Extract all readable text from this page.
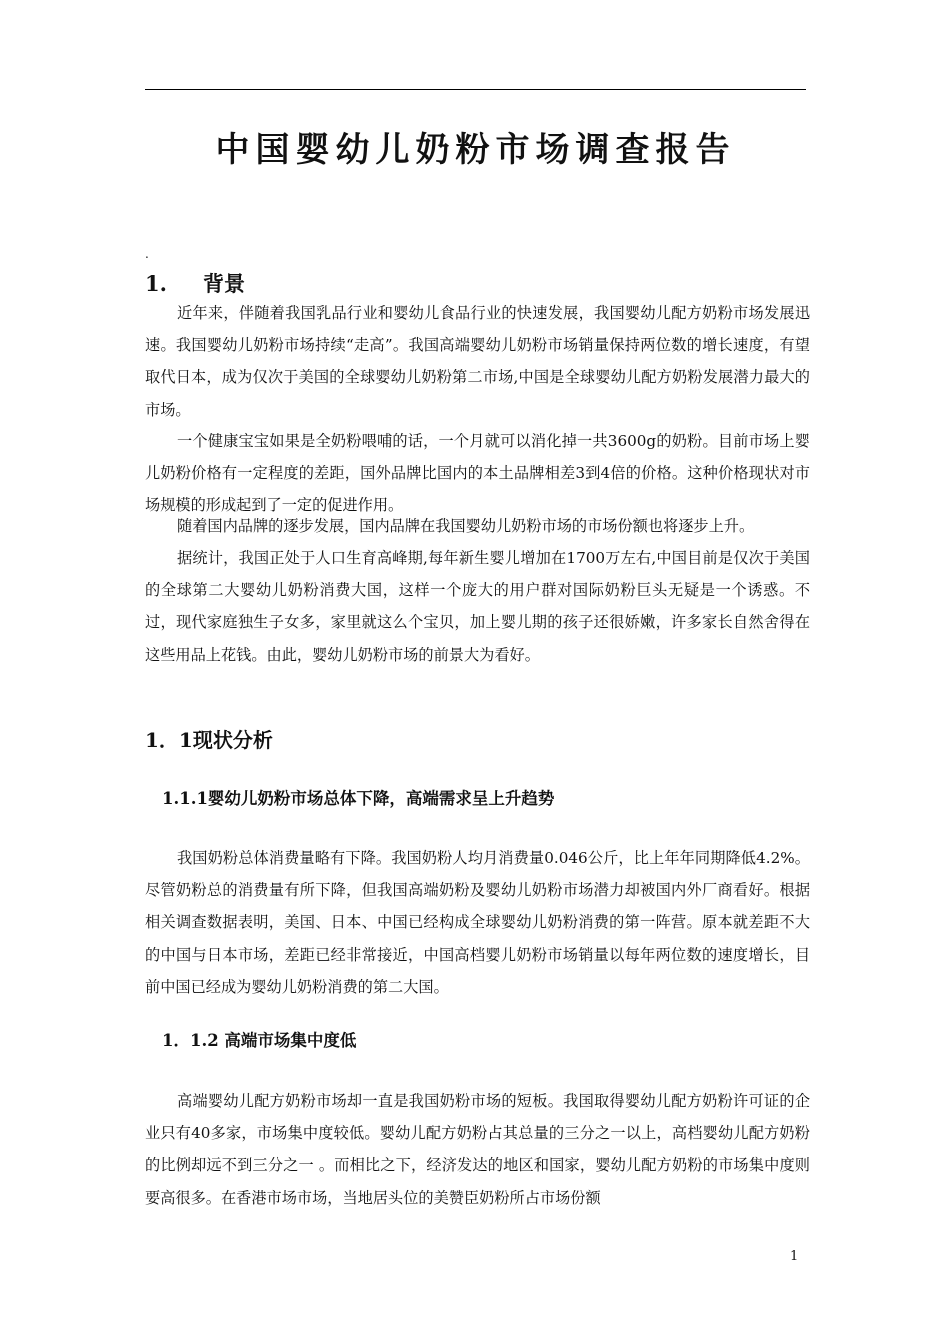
中国婴幼儿奶粉市场调查报告
.
1. 背景

近年来，伴随着我国乳品行业和婴幼儿食品行业的快速发展，我国婴幼儿配方奶粉市场发展迅速。我国婴幼儿奶粉市场持续“走高”。我国高端婴幼儿奶粉市场销量保持两位数的增长速度，有望取代日本，成为仅次于美国的全球婴幼儿奶粉第二市场,中国是全球婴幼儿配方奶粉发展潜力最大的市场。

一个健康宝宝如果是全奶粉喂哺的话，一个月就可以消化掉一共3600g的奶粉。目前市场上婴儿奶粉价格有一定程度的差距，国外品牌比国内的本土品牌相差3到4倍的价格。这种价格现状对市场规模的形成起到了一定的促进作用。

随着国内品牌的逐步发展，国内品牌在我国婴幼儿奶粉市场的市场份额也将逐步上升。

据统计，我国正处于人口生育高峰期,每年新生婴儿增加在1700万左右,中国目前是仅次于美国的全球第二大婴幼儿奶粉消费大国，这样一个庞大的用户群对国际奶粉巨头无疑是一个诱惑。不过，现代家庭独生子女多，家里就这么个宝贝，加上婴儿期的孩子还很娇嫩，许多家长自然舍得在这些用品上花钱。由此，婴幼儿奶粉市场的前景大为看好。

1．1现状分析
1.1.1婴幼儿奶粉市场总体下降，高端需求呈上升趋势

我国奶粉总体消费量略有下降。我国奶粉人均月消费量0.046公斤，比上年年同期降低4.2%。尽管奶粉总的消费量有所下降，但我国高端奶粉及婴幼儿奶粉市场潜力却被国内外厂商看好。根据相关调查数据表明，美国、日本、中国已经构成全球婴幼儿奶粉消费的第一阵营。原本就差距不大的中国与日本市场，差距已经非常接近，中国高档婴儿奶粉市场销量以每年两位数的速度增长，目前中国已经成为婴幼儿奶粉消费的第二大国。

1．1.2 高端市场集中度低

高端婴幼儿配方奶粉市场却一直是我国奶粉市场的短板。我国取得婴幼儿配方奶粉许可证的企业只有40多家，市场集中度较低。婴幼儿配方奶粉占其总量的三分之一以上，高档婴幼儿配方奶粉的比例却远不到三分之一 。而相比之下，经济发达的地区和国家，婴幼儿配方奶粉的市场集中度则要高很多。在香港市场市场，当地居头位的美赞臣奶粉所占市场份额

1
